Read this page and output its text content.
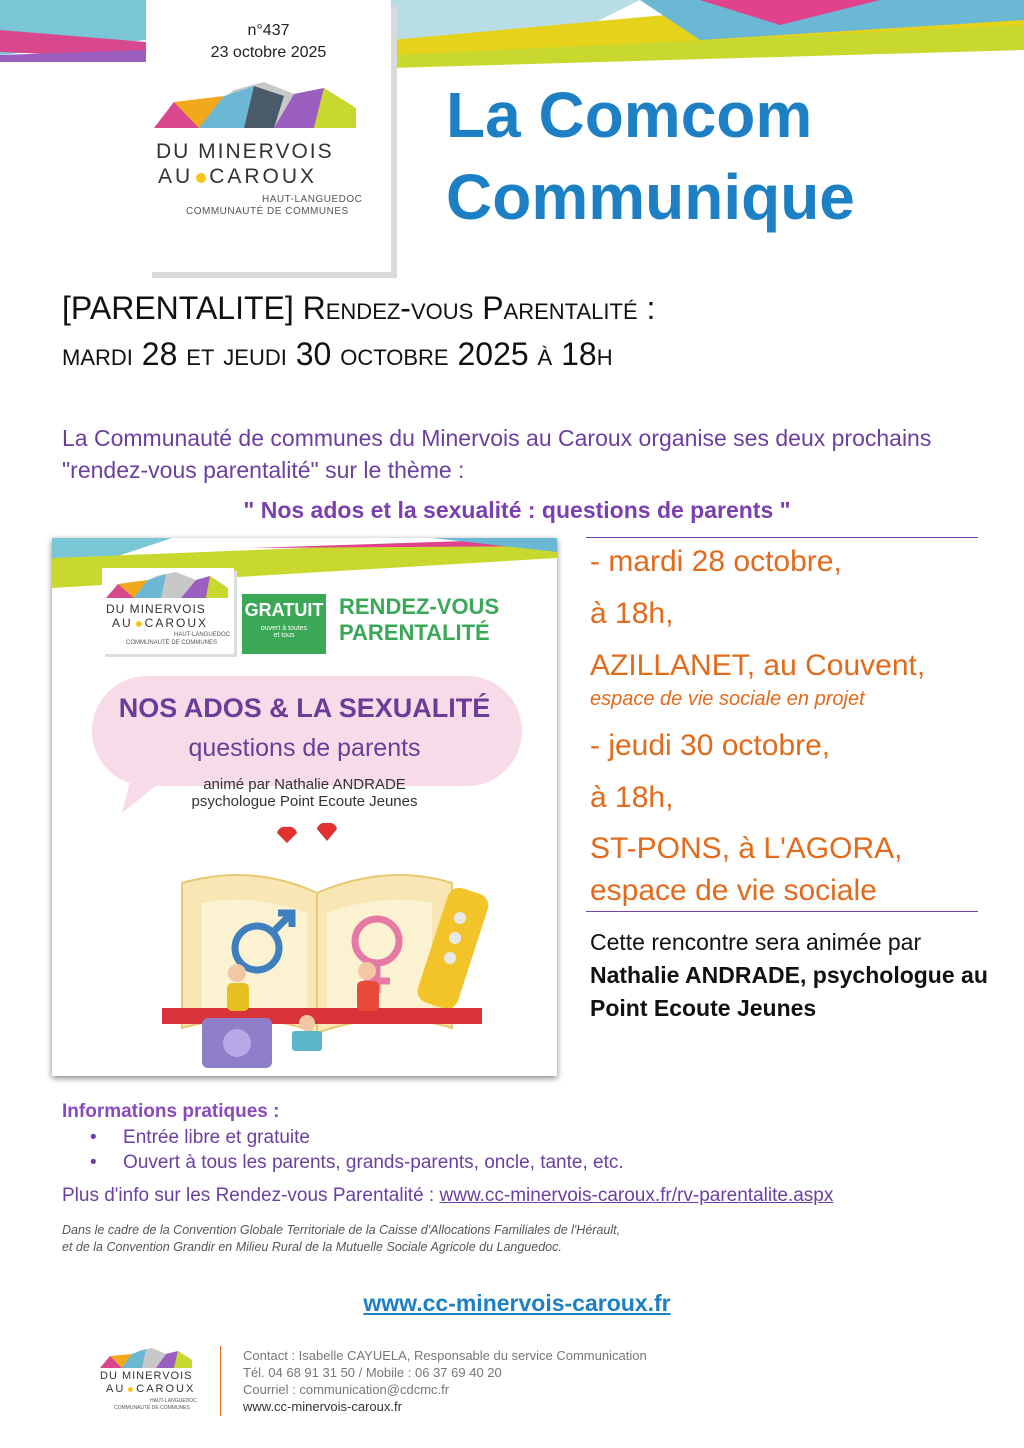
n°437
23 octobre 2025
DU MINERVOIS
AU CAROUX
HAUT-LANGUEDOC
COMMUNAUTÉ DE COMMUNES
La Comcom
Communique
[PARENTALITE] Rendez-vous Parentalité :
mardi 28 et jeudi 30 octobre 2025 à 18h
La Communauté de communes du Minervois au Caroux organise ses deux prochains "rendez-vous parentalité" sur le thème :
" Nos ados et la sexualité : questions de parents "
DU MINERVOIS
AU CAROUX
HAUT-LANGUEDOC
COMMUNAUTÉ DE COMMUNES
GRATUIT
ouvert à toutes
et tous
RENDEZ-VOUS
PARENTALITÉ
NOS ADOS & LA SEXUALITÉ
questions de parents
animé par Nathalie ANDRADE
psychologue Point Ecoute Jeunes
- mardi 28 octobre,
à 18h,
AZILLANET, au Couvent,
espace de vie sociale en projet
- jeudi 30 octobre,
à 18h,
ST-PONS, à L'AGORA,
espace de vie sociale
Cette rencontre sera animée par Nathalie ANDRADE, psychologue au Point Ecoute Jeunes
Informations pratiques :
•     Entrée libre et gratuite
•     Ouvert à tous les parents, grands-parents, oncle, tante, etc.
Plus d'info sur les Rendez-vous Parentalité : www.cc-minervois-caroux.fr/rv-parentalite.aspx
Dans le cadre de la Convention Globale Territoriale de la Caisse d'Allocations Familiales de l'Hérault,
et de la Convention Grandir en Milieu Rural de la Mutuelle Sociale Agricole du Languedoc.
www.cc-minervois-caroux.fr
DU MINERVOIS
AU CAROUX
HAUT-LANGUEDOC
COMMUNAUTÉ DE COMMUNES
Contact : Isabelle CAYUELA, Responsable du service Communication
Tél. 04 68 91 31 50 / Mobile : 06 37 69 40 20
Courriel : communication@cdcmc.fr
www.cc-minervois-caroux.fr
